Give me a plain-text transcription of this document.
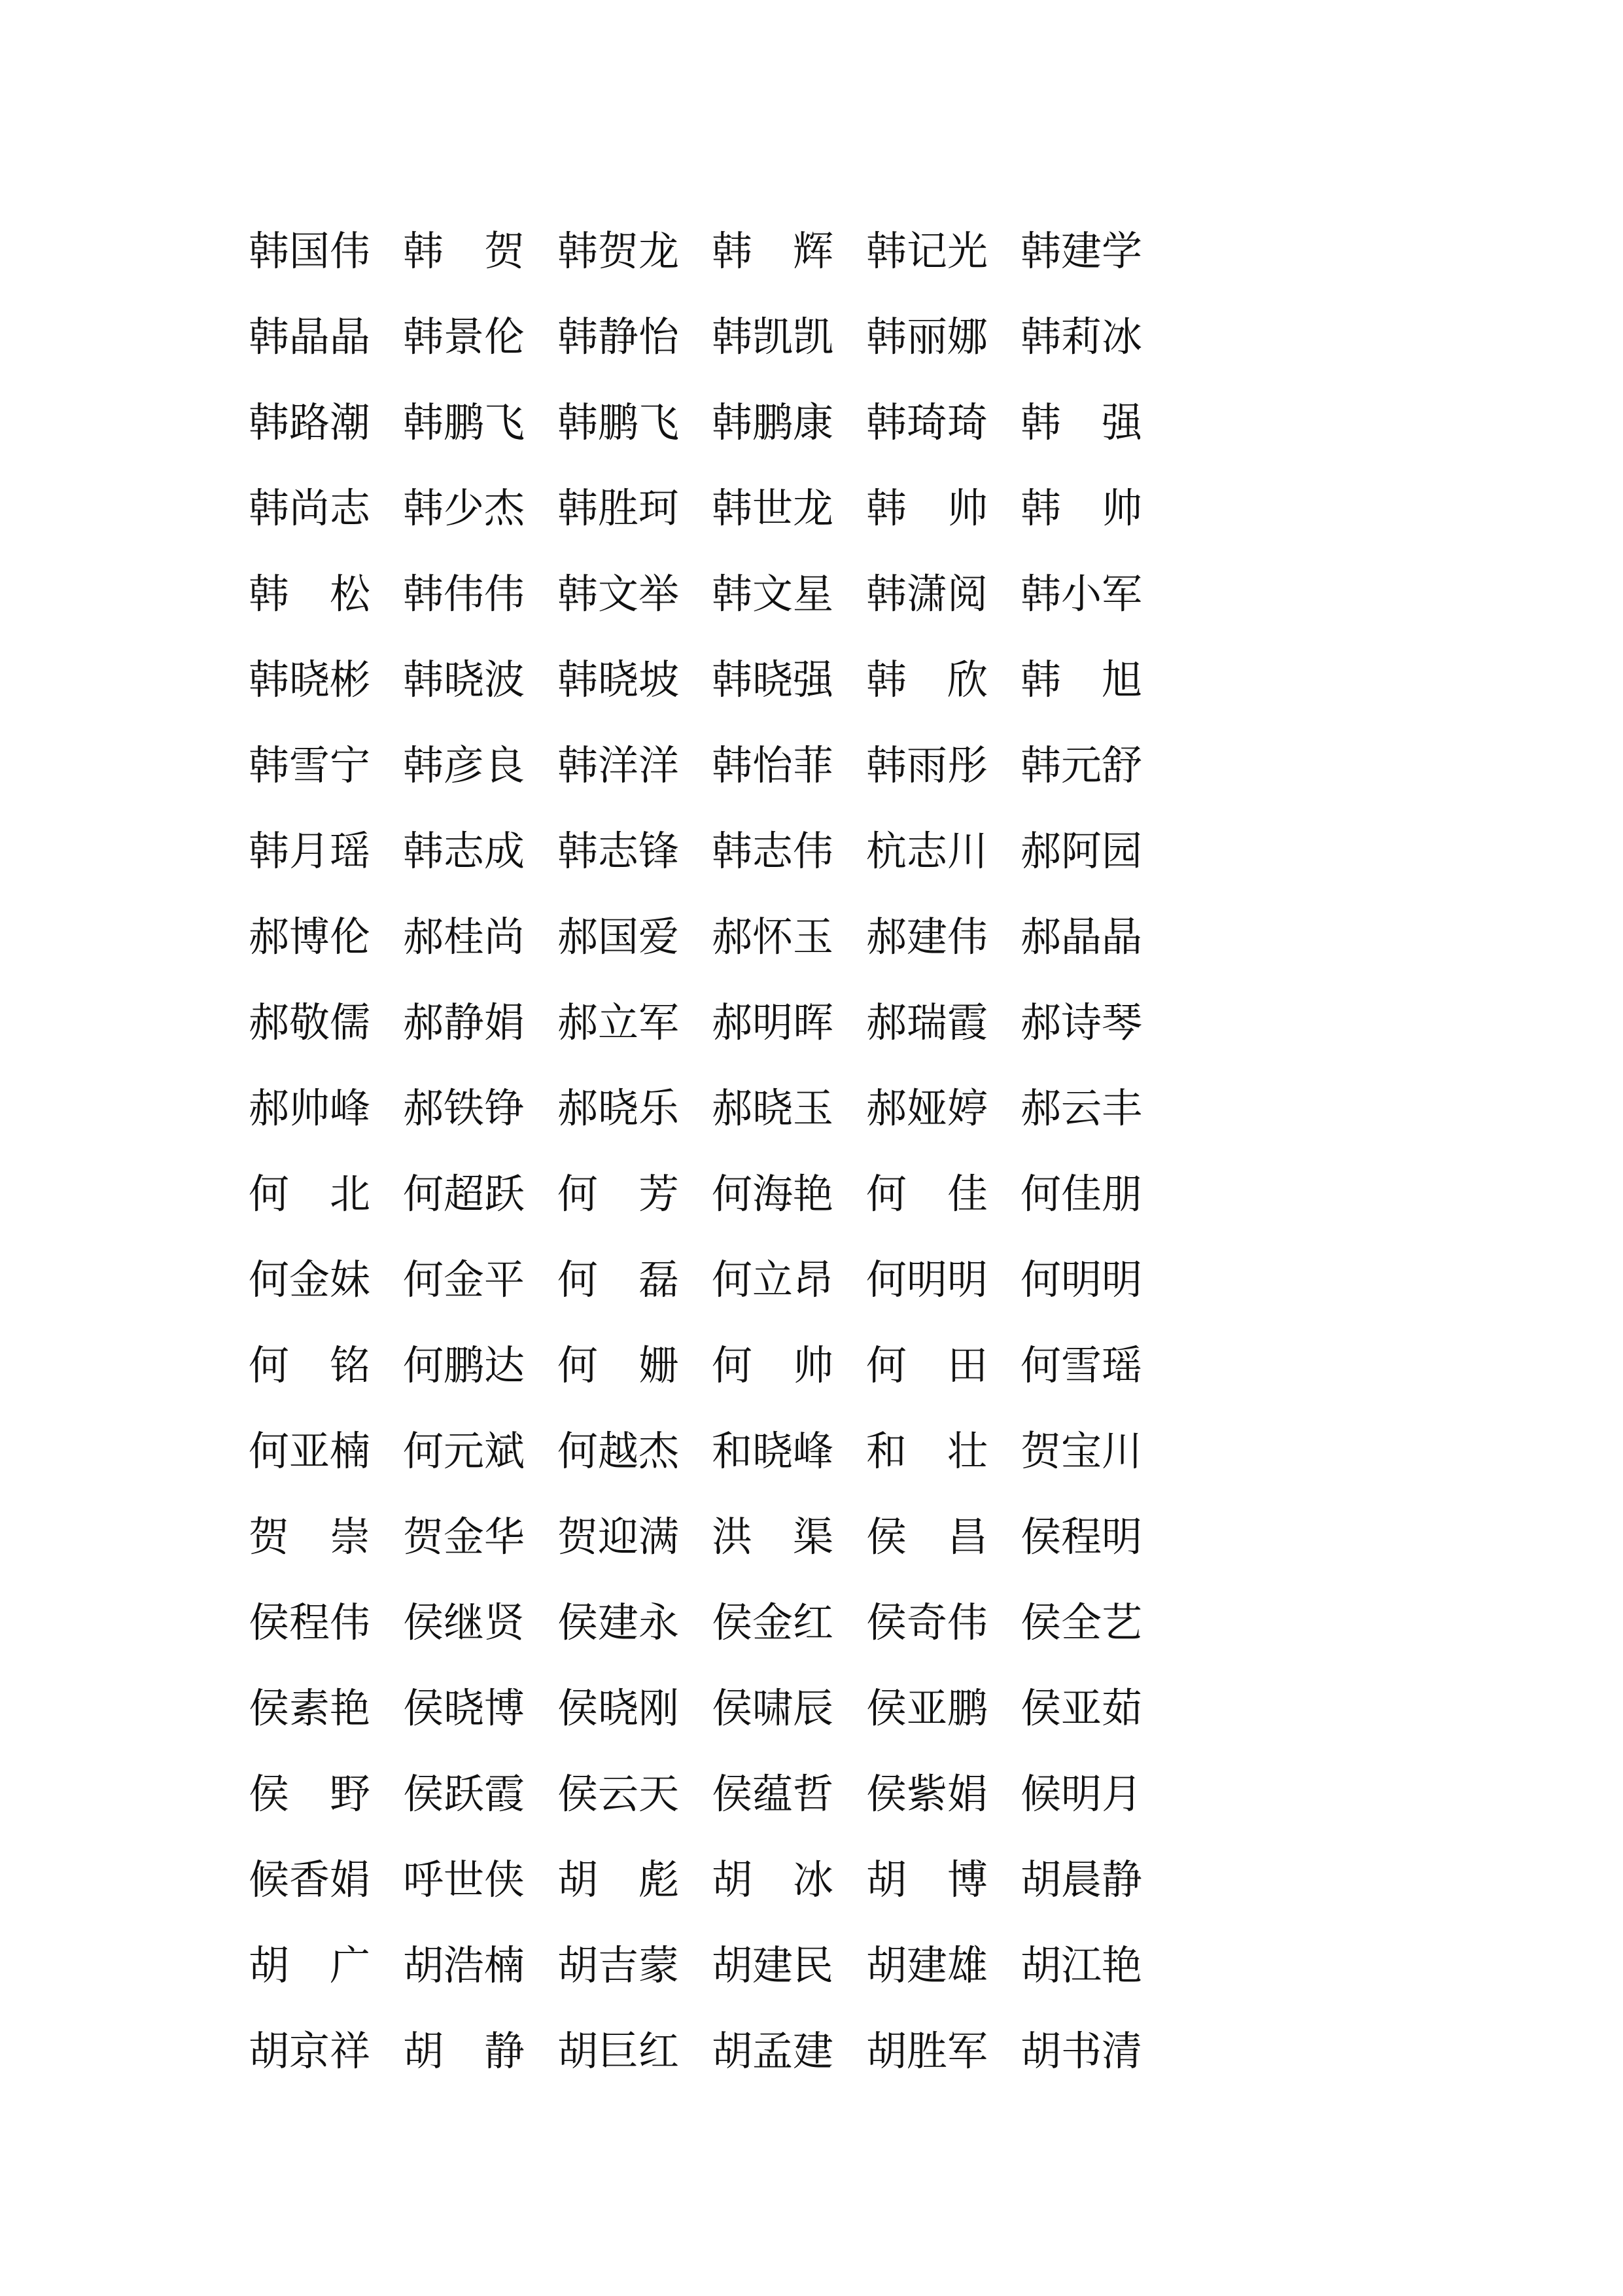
韩国伟 韩　贺 韩贺龙 韩　辉 韩记光 韩建学
韩晶晶 韩景伦 韩静怡 韩凯凯 韩丽娜 韩莉冰
韩路潮 韩鹏飞 韩鹏飞 韩鹏康 韩琦琦 韩　强
韩尚志 韩少杰 韩胜珂 韩世龙 韩　帅 韩　帅
韩　松 韩伟伟 韩文举 韩文星 韩潇阅 韩小军
韩晓彬 韩晓波 韩晓坡 韩晓强 韩　欣 韩　旭
韩雪宁 韩彦良 韩洋洋 韩怡菲 韩雨彤 韩元舒
韩月瑶 韩志成 韩志锋 韩志伟 杭志川 郝阿园
郝博伦 郝桂尚 郝国爱 郝怀玉 郝建伟 郝晶晶
郝敬儒 郝静娟 郝立军 郝明晖 郝瑞霞 郝诗琴
郝帅峰 郝铁铮 郝晓乐 郝晓玉 郝娅婷 郝云丰
何　北 何超跃 何　芳 何海艳 何　佳 何佳朋
何金妹 何金平 何　磊 何立昂 何明明 何明明
何　铭 何鹏达 何　姗 何　帅 何　田 何雪瑶
何亚楠 何元斌 何越杰 和晓峰 和　壮 贺宝川
贺　崇 贺金华 贺迎满 洪　渠 侯　昌 侯程明
侯程伟 侯继贤 侯建永 侯金红 侯奇伟 侯全艺
侯素艳 侯晓博 侯晓刚 侯啸辰 侯亚鹏 侯亚茹
侯　野 侯跃霞 侯云天 侯蕴哲 侯紫娟 候明月
候香娟 呼世侠 胡　彪 胡　冰 胡　博 胡晨静
胡　广 胡浩楠 胡吉蒙 胡建民 胡建雄 胡江艳
胡京祥 胡　静 胡巨红 胡孟建 胡胜军 胡书清
